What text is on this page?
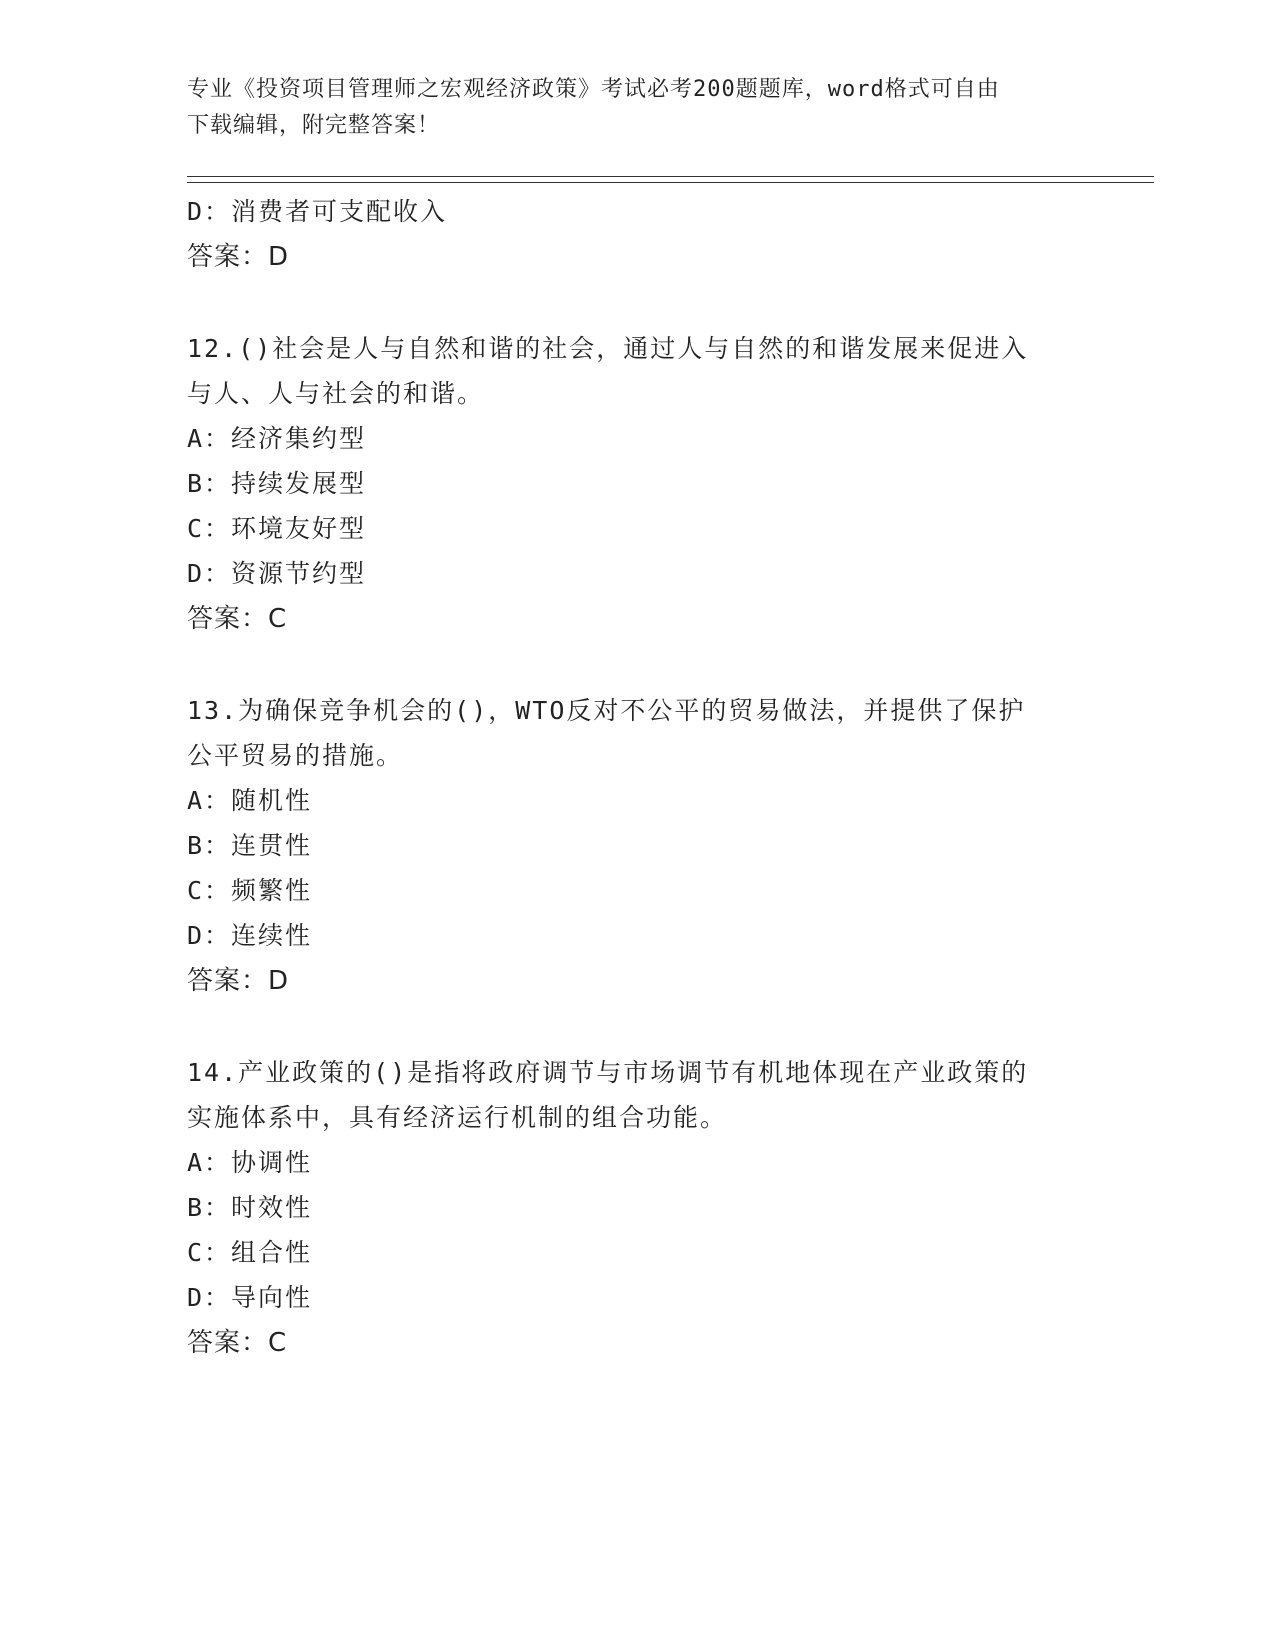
专业《投资项目管理师之宏观经济政策》考试必考200题题库，word格式可自由
下载编辑，附完整答案！
D：消费者可支配收入
答案：D
12.()社会是人与自然和谐的社会，通过人与自然的和谐发展来促进入
与人、人与社会的和谐。
A：经济集约型
B：持续发展型
C：环境友好型
D：资源节约型
答案：C
13.为确保竞争机会的()，WTO反对不公平的贸易做法，并提供了保护
公平贸易的措施。
A：随机性
B：连贯性
C：频繁性
D：连续性
答案：D
14.产业政策的()是指将政府调节与市场调节有机地体现在产业政策的
实施体系中，具有经济运行机制的组合功能。
A：协调性
B：时效性
C：组合性
D：导向性
答案：C
